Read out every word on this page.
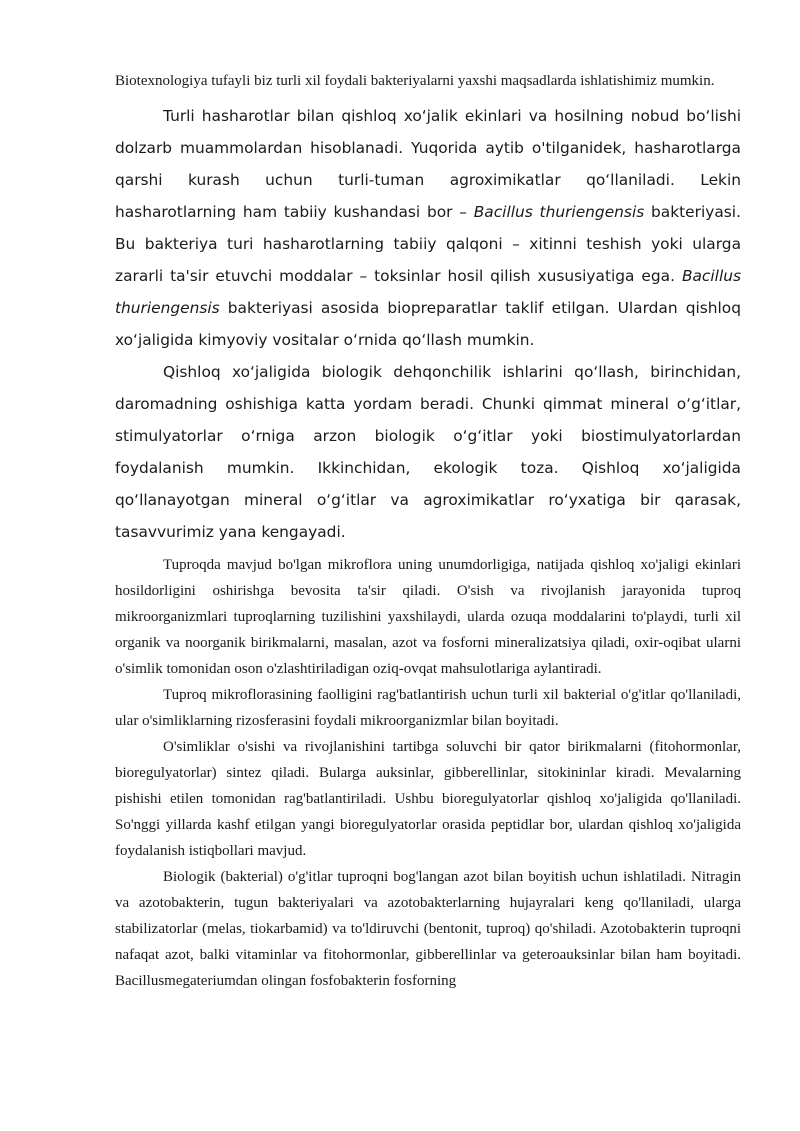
Biotexnologiya tufayli biz turli xil foydali bakteriyalarni yaxshi maqsadlarda ishlatishimiz mumkin.

Turli hasharotlar bilan qishloq xo‘jalik ekinlari va hosilning nobud bo‘lishi dolzarb muammolardan hisoblanadi. Yuqorida aytib o'tilganidek, hasharotlarga qarshi kurash uchun turli-tuman agroximikatlar qo‘llaniladi. Lekin hasharotlarning ham tabiiy kushandasi bor – Bacillus thuriengensis bakteriyasi. Bu bakteriya turi hasharotlarning tabiiy qalqoni – xitinni teshish yoki ularga zararli ta'sir etuvchi moddalar – toksinlar hosil qilish xususiyatiga ega. Bacillus thuriengensis bakteriyasi asosida biopreparatlar taklif etilgan. Ulardan qishloq xo‘jaligida kimyoviy vositalar o‘rnida qo‘llash mumkin.

Qishloq xo‘jaligida biologik dehqonchilik ishlarini qo‘llash, birinchidan, daromadning oshishiga katta yordam beradi. Chunki qimmat mineral o‘g‘itlar, stimulyatorlar o‘rniga arzon biologik o‘g‘itlar yoki biostimulyatorlardan foydalanish mumkin. Ikkinchidan, ekologik toza. Qishloq xo‘jaligida qo‘llanayotgan mineral o‘g‘itlar va agroximikatlar ro‘yxatiga bir qarasak, tasavvurimiz yana kengayadi.

Tuproqda mavjud bo'lgan mikroflora uning unumdorligiga, natijada qishloq xo'jaligi ekinlari hosildorligini oshirishga bevosita ta'sir qiladi. O'sish va rivojlanish jarayonida tuproq mikroorganizmlari tuproqlarning tuzilishini yaxshilaydi, ularda ozuqa moddalarini to'playdi, turli xil organik va noorganik birikmalarni, masalan, azot va fosforni mineralizatsiya qiladi, oxir-oqibat ularni o'simlik tomonidan oson o'zlashtiriladigan oziq-ovqat mahsulotlariga aylantiradi.

Tuproq mikroflorasining faolligini rag'batlantirish uchun turli xil bakterial o'g'itlar qo'llaniladi, ular o'simliklarning rizosferasini foydali mikroorganizmlar bilan boyitadi.

O'simliklar o'sishi va rivojlanishini tartibga soluvchi bir qator birikmalarni (fitohormonlar, bioregulyatorlar) sintez qiladi. Bularga auksinlar, gibberellinlar, sitokininlar kiradi. Mevalarning pishishi etilen tomonidan rag'batlantiriladi. Ushbu bioregulyatorlar qishloq xo'jaligida qo'llaniladi. So'nggi yillarda kashf etilgan yangi bioregulyatorlar orasida peptidlar bor, ulardan qishloq xo'jaligida foydalanish istiqbollari mavjud.

Biologik (bakterial) o'g'itlar tuproqni bog'langan azot bilan boyitish uchun ishlatiladi. Nitragin va azotobakterin, tugun bakteriyalari va azotobakterlarning hujayralari keng qo'llaniladi, ularga stabilizatorlar (melas, tiokarbamid) va to'ldiruvchi (bentonit, tuproq) qo'shiladi. Azotobakterin tuproqni nafaqat azot, balki vitaminlar va fitohormonlar, gibberellinlar va geteroauksinlar bilan ham boyitadi. Bacillusmegateriumdan olingan fosfobakterin fosforning
